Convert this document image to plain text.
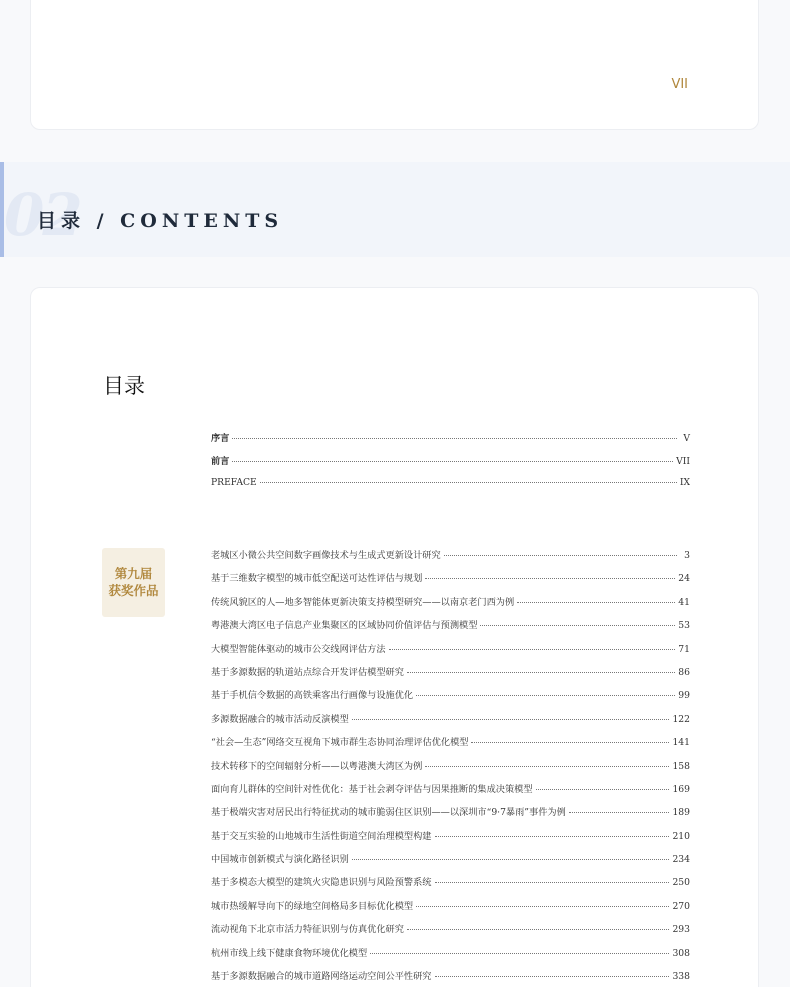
VII
02
目录 / CONTENTS
目录
序言	V
前言	VII
PREFACE	IX
第九届
获奖作品
老城区小微公共空间数字画像技术与生成式更新设计研究	3
基于三维数字模型的城市低空配送可达性评估与规划	24
传统风貌区的人—地多智能体更新决策支持模型研究——以南京老门西为例	41
粤港澳大湾区电子信息产业集聚区的区域协同价值评估与预测模型	53
大模型智能体驱动的城市公交线网评估方法	71
基于多源数据的轨道站点综合开发评估模型研究	86
基于手机信令数据的高铁乘客出行画像与设施优化	99
多源数据融合的城市活动反演模型	122
“社会—生态”网络交互视角下城市群生态协同治理评估优化模型	141
技术转移下的空间辐射分析——以粤港澳大湾区为例	158
面向育儿群体的空间针对性优化：基于社会剥夺评估与因果推断的集成决策模型	169
基于极端灾害对居民出行特征扰动的城市脆弱住区识别——以深圳市“9·7暴雨”事件为例	189
基于交互实验的山地城市生活性街道空间治理模型构建	210
中国城市创新模式与演化路径识别	234
基于多模态大模型的建筑火灾隐患识别与风险预警系统	250
城市热缓解导向下的绿地空间格局多目标优化模型	270
流动视角下北京市活力特征识别与仿真优化研究	293
杭州市线上线下健康食物环境优化模型	308
基于多源数据融合的城市道路网络运动空间公平性研究	338
